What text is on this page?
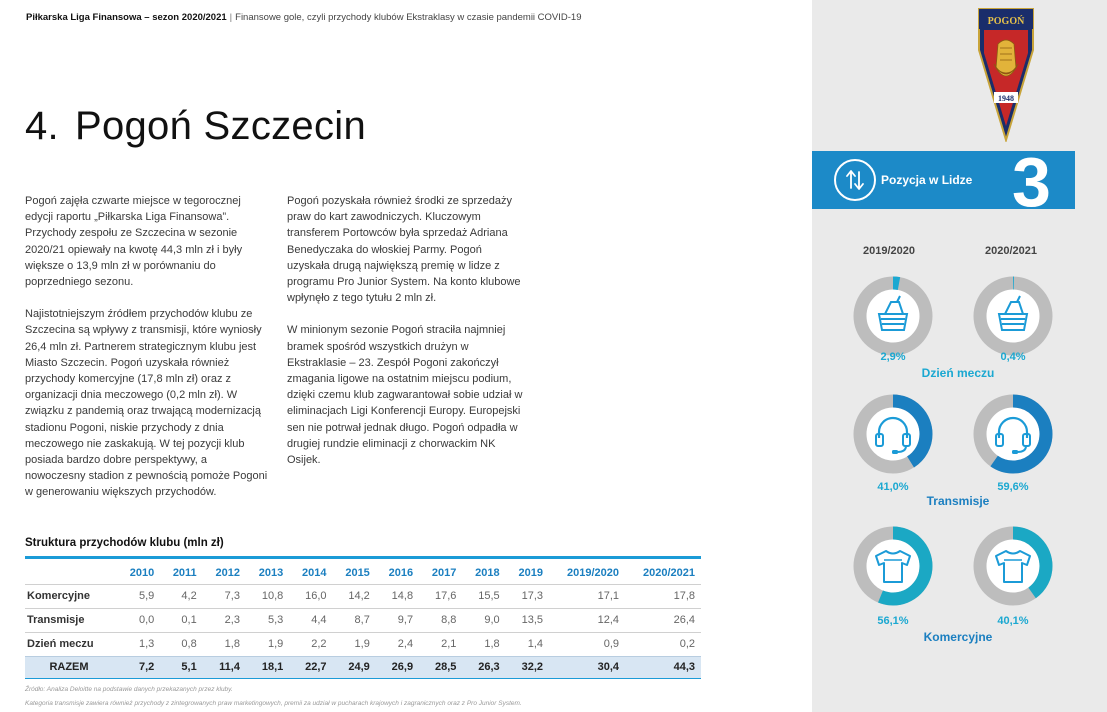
Piłkarska Liga Finansowa – sezon 2020/2021 | Finansowe gole, czyli przychody klubów Ekstraklasy w czasie pandemii COVID-19
4. Pogoń Szczecin

Pogoń zajęła czwarte miejsce w tegorocznej edycji raportu „Piłkarska Liga Finansowa”. Przychody zespołu ze Szczecina w sezonie 2020/21 opiewały na kwotę 44,3 mln zł i były większe o 13,9 mln zł w porównaniu do poprzedniego sezonu.

Najistotniejszym źródłem przychodów klubu ze Szczecina są wpływy z transmisji, które wyniosły 26,4 mln zł. Partnerem strategicznym klubu jest Miasto Szczecin. Pogoń uzyskała również przychody komercyjne (17,8 mln zł) oraz z organizacji dnia meczowego (0,2 mln zł). W związku z pandemią oraz trwającą modernizacją stadionu Pogoni, niskie przychody z dnia meczowego nie zaskakują. W tej pozycji klub posiada bardzo dobre perspektywy, a nowoczesny stadion z pewnością pomoże Pogoni w generowaniu większych przychodów.

Pogoń pozyskała również środki ze sprzedaży praw do kart zawodniczych. Kluczowym transferem Portowców była sprzedaż Adriana Benedyczaka do włoskiej Parmy. Pogoń uzyskała drugą największą premię w lidze z programu Pro Junior System. Na konto klubowe wpłynęło z tego tytułu 2 mln zł.

W minionym sezonie Pogoń straciła najmniej bramek spośród wszystkich drużyn w Ekstraklasie – 23. Zespół Pogoni zakończył zmagania ligowe na ostatnim miejscu podium, dzięki czemu klub zagwarantował sobie udział w eliminacjach Ligi Konferencji Europy. Europejski sen nie potrwał jednak długo. Pogoń odpadła w drugiej rundzie eliminacji z chorwackim NK Osijek.

Struktura przychodów klubu (mln zł)
	2010	2011	2012	2013	2014	2015	2016	2017	2018	2019	2019/2020	2020/2021
Komercyjne	5,9	4,2	7,3	10,8	16,0	14,2	14,8	17,6	15,5	17,3	17,1	17,8
Transmisje	0,0	0,1	2,3	5,3	4,4	8,7	9,7	8,8	9,0	13,5	12,4	26,4
Dzień meczu	1,3	0,8	1,8	1,9	2,2	1,9	2,4	2,1	1,8	1,4	0,9	0,2
RAZEM	7,2	5,1	11,4	18,1	22,7	24,9	26,9	28,5	26,3	32,2	30,4	44,3
Źródło: Analiza Deloitte na podstawie danych przekazanych przez kluby.
Kategoria transmisje zawiera również przychody z zintegrowanych praw marketingowych, premii za udział w pucharach krajowych i zagranicznych oraz z Pro Junior System.
POGOŃ
1948
Pozycja w Lidze 3
2019/2020	2020/2021
2,9%	0,4%
Dzień meczu
41,0%	59,6%
Transmisje
56,1%	40,1%
Komercyjne
